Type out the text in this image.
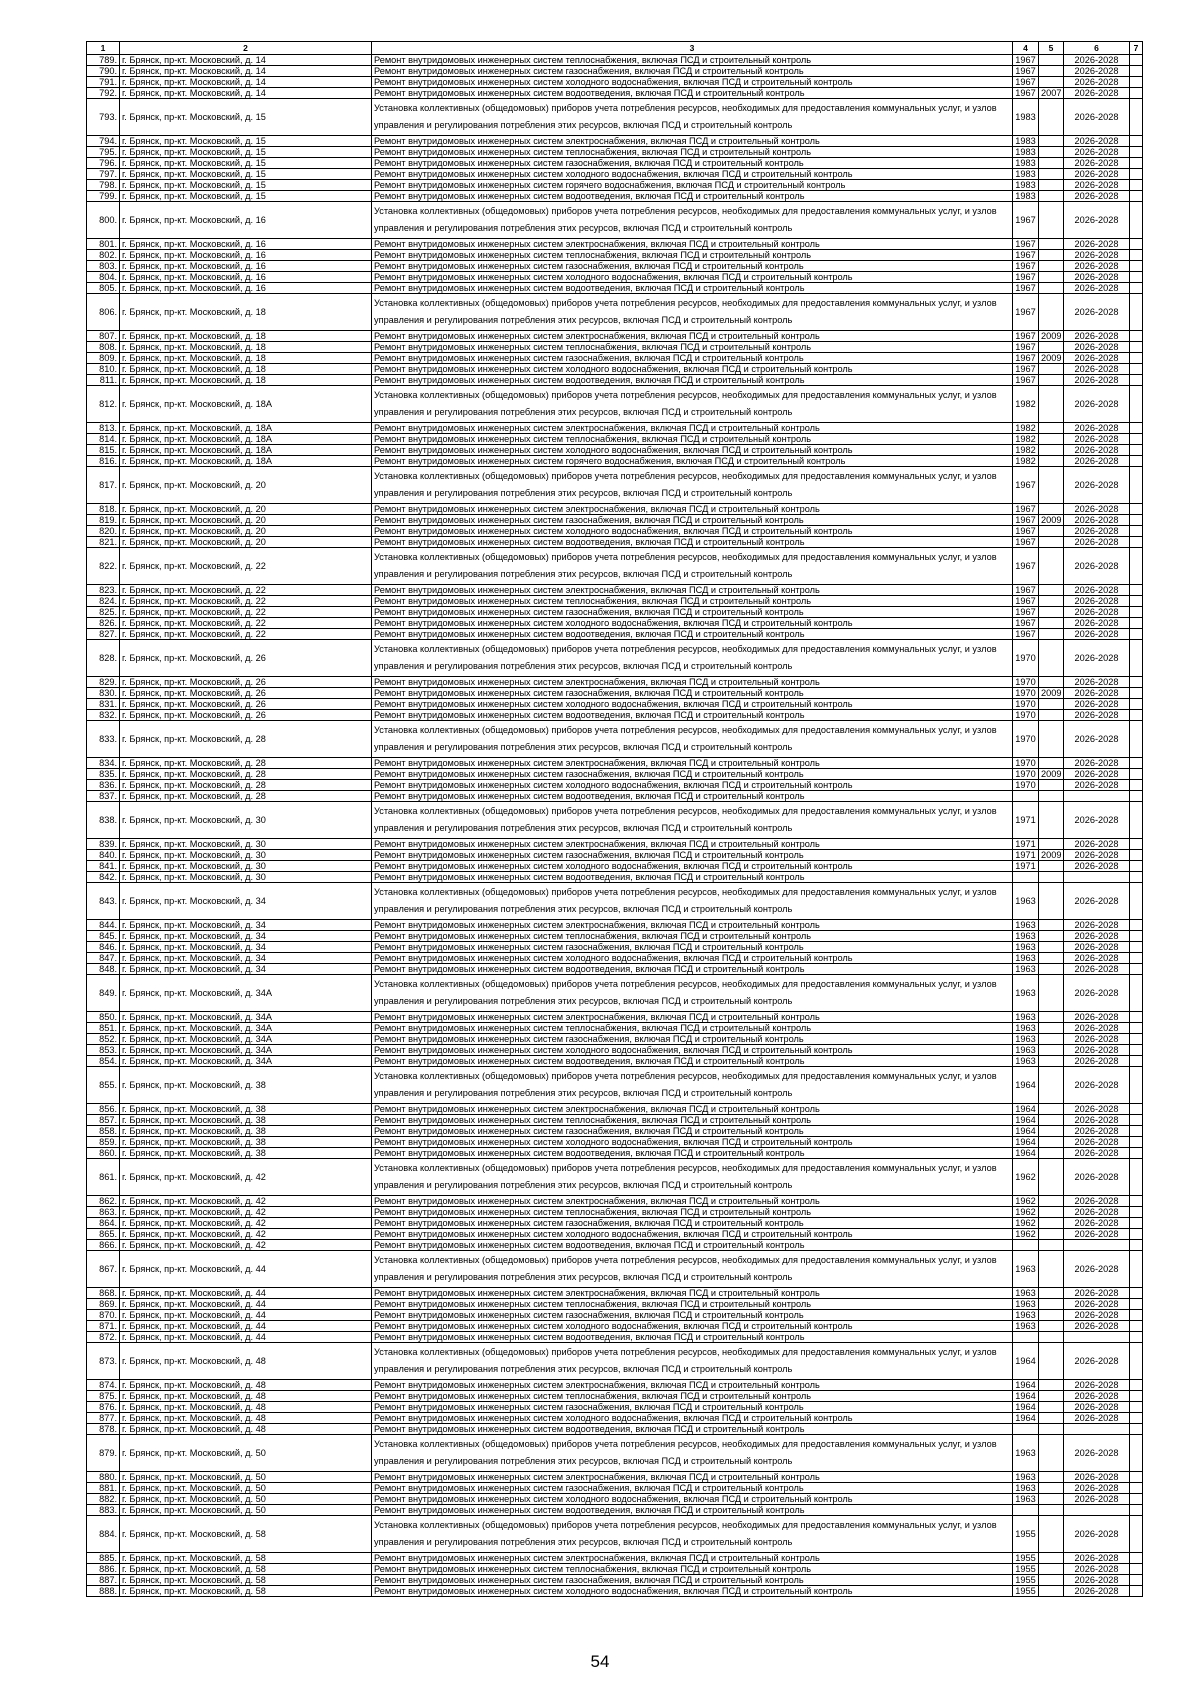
1	2	3	4	5	6	7
789.	г. Брянск, пр-кт. Московский, д. 14	Ремонт внутридомовых инженерных систем теплоснабжения, включая ПСД и строительный контроль	1967		2026-2028	
790.	г. Брянск, пр-кт. Московский, д. 14	Ремонт внутридомовых инженерных систем газоснабжения, включая ПСД и строительный контроль	1967		2026-2028	
791.	г. Брянск, пр-кт. Московский, д. 14	Ремонт внутридомовых инженерных систем холодного водоснабжения, включая ПСД и строительный контроль	1967		2026-2028	
792.	г. Брянск, пр-кт. Московский, д. 14	Ремонт внутридомовых инженерных систем водоотведения, включая ПСД и строительный контроль	1967	2007	2026-2028	
793.	г. Брянск, пр-кт. Московский, д. 15	Установка коллективных (общедомовых) приборов учета потребления ресурсов, необходимых для предоставления коммунальных услуг, и узлов управления и регулирования потребления этих ресурсов, включая ПСД и строительный контроль	1983		2026-2028	
794.	г. Брянск, пр-кт. Московский, д. 15	Ремонт внутридомовых инженерных систем электроснабжения, включая ПСД и строительный контроль	1983		2026-2028	
795.	г. Брянск, пр-кт. Московский, д. 15	Ремонт внутридомовых инженерных систем теплоснабжения, включая ПСД и строительный контроль	1983		2026-2028	
796.	г. Брянск, пр-кт. Московский, д. 15	Ремонт внутридомовых инженерных систем газоснабжения, включая ПСД и строительный контроль	1983		2026-2028	
797.	г. Брянск, пр-кт. Московский, д. 15	Ремонт внутридомовых инженерных систем холодного водоснабжения, включая ПСД и строительный контроль	1983		2026-2028	
798.	г. Брянск, пр-кт. Московский, д. 15	Ремонт внутридомовых инженерных систем горячего водоснабжения, включая ПСД и строительный контроль	1983		2026-2028	
799.	г. Брянск, пр-кт. Московский, д. 15	Ремонт внутридомовых инженерных систем водоотведения, включая ПСД и строительный контроль	1983		2026-2028	
800.	г. Брянск, пр-кт. Московский, д. 16	Установка коллективных (общедомовых) приборов учета потребления ресурсов, необходимых для предоставления коммунальных услуг, и узлов управления и регулирования потребления этих ресурсов, включая ПСД и строительный контроль	1967		2026-2028	
801.	г. Брянск, пр-кт. Московский, д. 16	Ремонт внутридомовых инженерных систем электроснабжения, включая ПСД и строительный контроль	1967		2026-2028	
802.	г. Брянск, пр-кт. Московский, д. 16	Ремонт внутридомовых инженерных систем теплоснабжения, включая ПСД и строительный контроль	1967		2026-2028	
803.	г. Брянск, пр-кт. Московский, д. 16	Ремонт внутридомовых инженерных систем газоснабжения, включая ПСД и строительный контроль	1967		2026-2028	
804.	г. Брянск, пр-кт. Московский, д. 16	Ремонт внутридомовых инженерных систем холодного водоснабжения, включая ПСД и строительный контроль	1967		2026-2028	
805.	г. Брянск, пр-кт. Московский, д. 16	Ремонт внутридомовых инженерных систем водоотведения, включая ПСД и строительный контроль	1967		2026-2028	
806.	г. Брянск, пр-кт. Московский, д. 18	Установка коллективных (общедомовых) приборов учета потребления ресурсов, необходимых для предоставления коммунальных услуг, и узлов управления и регулирования потребления этих ресурсов, включая ПСД и строительный контроль	1967		2026-2028	
807.	г. Брянск, пр-кт. Московский, д. 18	Ремонт внутридомовых инженерных систем электроснабжения, включая ПСД и строительный контроль	1967	2009	2026-2028	
808.	г. Брянск, пр-кт. Московский, д. 18	Ремонт внутридомовых инженерных систем теплоснабжения, включая ПСД и строительный контроль	1967		2026-2028	
809.	г. Брянск, пр-кт. Московский, д. 18	Ремонт внутридомовых инженерных систем газоснабжения, включая ПСД и строительный контроль	1967	2009	2026-2028	
810.	г. Брянск, пр-кт. Московский, д. 18	Ремонт внутридомовых инженерных систем холодного водоснабжения, включая ПСД и строительный контроль	1967		2026-2028	
811.	г. Брянск, пр-кт. Московский, д. 18	Ремонт внутридомовых инженерных систем водоотведения, включая ПСД и строительный контроль	1967		2026-2028	
812.	г. Брянск, пр-кт. Московский, д. 18А	Установка коллективных (общедомовых) приборов учета потребления ресурсов, необходимых для предоставления коммунальных услуг, и узлов управления и регулирования потребления этих ресурсов, включая ПСД и строительный контроль	1982		2026-2028	
813.	г. Брянск, пр-кт. Московский, д. 18А	Ремонт внутридомовых инженерных систем электроснабжения, включая ПСД и строительный контроль	1982		2026-2028	
814.	г. Брянск, пр-кт. Московский, д. 18А	Ремонт внутридомовых инженерных систем теплоснабжения, включая ПСД и строительный контроль	1982		2026-2028	
815.	г. Брянск, пр-кт. Московский, д. 18А	Ремонт внутридомовых инженерных систем холодного водоснабжения, включая ПСД и строительный контроль	1982		2026-2028	
816.	г. Брянск, пр-кт. Московский, д. 18А	Ремонт внутридомовых инженерных систем горячего водоснабжения, включая ПСД и строительный контроль	1982		2026-2028	
817.	г. Брянск, пр-кт. Московский, д. 20	Установка коллективных (общедомовых) приборов учета потребления ресурсов, необходимых для предоставления коммунальных услуг, и узлов управления и регулирования потребления этих ресурсов, включая ПСД и строительный контроль	1967		2026-2028	
818.	г. Брянск, пр-кт. Московский, д. 20	Ремонт внутридомовых инженерных систем электроснабжения, включая ПСД и строительный контроль	1967		2026-2028	
819.	г. Брянск, пр-кт. Московский, д. 20	Ремонт внутридомовых инженерных систем газоснабжения, включая ПСД и строительный контроль	1967	2009	2026-2028	
820.	г. Брянск, пр-кт. Московский, д. 20	Ремонт внутридомовых инженерных систем холодного водоснабжения, включая ПСД и строительный контроль	1967		2026-2028	
821.	г. Брянск, пр-кт. Московский, д. 20	Ремонт внутридомовых инженерных систем водоотведения, включая ПСД и строительный контроль	1967		2026-2028	
822.	г. Брянск, пр-кт. Московский, д. 22	Установка коллективных (общедомовых) приборов учета потребления ресурсов, необходимых для предоставления коммунальных услуг, и узлов управления и регулирования потребления этих ресурсов, включая ПСД и строительный контроль	1967		2026-2028	
823.	г. Брянск, пр-кт. Московский, д. 22	Ремонт внутридомовых инженерных систем электроснабжения, включая ПСД и строительный контроль	1967		2026-2028	
824.	г. Брянск, пр-кт. Московский, д. 22	Ремонт внутридомовых инженерных систем теплоснабжения, включая ПСД и строительный контроль	1967		2026-2028	
825.	г. Брянск, пр-кт. Московский, д. 22	Ремонт внутридомовых инженерных систем газоснабжения, включая ПСД и строительный контроль	1967		2026-2028	
826.	г. Брянск, пр-кт. Московский, д. 22	Ремонт внутридомовых инженерных систем холодного водоснабжения, включая ПСД и строительный контроль	1967		2026-2028	
827.	г. Брянск, пр-кт. Московский, д. 22	Ремонт внутридомовых инженерных систем водоотведения, включая ПСД и строительный контроль	1967		2026-2028	
828.	г. Брянск, пр-кт. Московский, д. 26	Установка коллективных (общедомовых) приборов учета потребления ресурсов, необходимых для предоставления коммунальных услуг, и узлов управления и регулирования потребления этих ресурсов, включая ПСД и строительный контроль	1970		2026-2028	
829.	г. Брянск, пр-кт. Московский, д. 26	Ремонт внутридомовых инженерных систем электроснабжения, включая ПСД и строительный контроль	1970		2026-2028	
830.	г. Брянск, пр-кт. Московский, д. 26	Ремонт внутридомовых инженерных систем газоснабжения, включая ПСД и строительный контроль	1970	2009	2026-2028	
831.	г. Брянск, пр-кт. Московский, д. 26	Ремонт внутридомовых инженерных систем холодного водоснабжения, включая ПСД и строительный контроль	1970		2026-2028	
832.	г. Брянск, пр-кт. Московский, д. 26	Ремонт внутридомовых инженерных систем водоотведения, включая ПСД и строительный контроль	1970		2026-2028	
833.	г. Брянск, пр-кт. Московский, д. 28	Установка коллективных (общедомовых) приборов учета потребления ресурсов, необходимых для предоставления коммунальных услуг, и узлов управления и регулирования потребления этих ресурсов, включая ПСД и строительный контроль	1970		2026-2028	
834.	г. Брянск, пр-кт. Московский, д. 28	Ремонт внутридомовых инженерных систем электроснабжения, включая ПСД и строительный контроль	1970		2026-2028	
835.	г. Брянск, пр-кт. Московский, д. 28	Ремонт внутридомовых инженерных систем газоснабжения, включая ПСД и строительный контроль	1970	2009	2026-2028	
836.	г. Брянск, пр-кт. Московский, д. 28	Ремонт внутридомовых инженерных систем холодного водоснабжения, включая ПСД и строительный контроль	1970		2026-2028	
837.	г. Брянск, пр-кт. Московский, д. 28	Ремонт внутридомовых инженерных систем водоотведения, включая ПСД и строительный контроль				
838.	г. Брянск, пр-кт. Московский, д. 30	Установка коллективных (общедомовых) приборов учета потребления ресурсов, необходимых для предоставления коммунальных услуг, и узлов управления и регулирования потребления этих ресурсов, включая ПСД и строительный контроль	1971		2026-2028	
839.	г. Брянск, пр-кт. Московский, д. 30	Ремонт внутридомовых инженерных систем электроснабжения, включая ПСД и строительный контроль	1971		2026-2028	
840.	г. Брянск, пр-кт. Московский, д. 30	Ремонт внутридомовых инженерных систем газоснабжения, включая ПСД и строительный контроль	1971	2009	2026-2028	
841.	г. Брянск, пр-кт. Московский, д. 30	Ремонт внутридомовых инженерных систем холодного водоснабжения, включая ПСД и строительный контроль	1971		2026-2028	
842.	г. Брянск, пр-кт. Московский, д. 30	Ремонт внутридомовых инженерных систем водоотведения, включая ПСД и строительный контроль				
843.	г. Брянск, пр-кт. Московский, д. 34	Установка коллективных (общедомовых) приборов учета потребления ресурсов, необходимых для предоставления коммунальных услуг, и узлов управления и регулирования потребления этих ресурсов, включая ПСД и строительный контроль	1963		2026-2028	
844.	г. Брянск, пр-кт. Московский, д. 34	Ремонт внутридомовых инженерных систем электроснабжения, включая ПСД и строительный контроль	1963		2026-2028	
845.	г. Брянск, пр-кт. Московский, д. 34	Ремонт внутридомовых инженерных систем теплоснабжения, включая ПСД и строительный контроль	1963		2026-2028	
846.	г. Брянск, пр-кт. Московский, д. 34	Ремонт внутридомовых инженерных систем газоснабжения, включая ПСД и строительный контроль	1963		2026-2028	
847.	г. Брянск, пр-кт. Московский, д. 34	Ремонт внутридомовых инженерных систем холодного водоснабжения, включая ПСД и строительный контроль	1963		2026-2028	
848.	г. Брянск, пр-кт. Московский, д. 34	Ремонт внутридомовых инженерных систем водоотведения, включая ПСД и строительный контроль	1963		2026-2028	
849.	г. Брянск, пр-кт. Московский, д. 34А	Установка коллективных (общедомовых) приборов учета потребления ресурсов, необходимых для предоставления коммунальных услуг, и узлов управления и регулирования потребления этих ресурсов, включая ПСД и строительный контроль	1963		2026-2028	
850.	г. Брянск, пр-кт. Московский, д. 34А	Ремонт внутридомовых инженерных систем электроснабжения, включая ПСД и строительный контроль	1963		2026-2028	
851.	г. Брянск, пр-кт. Московский, д. 34А	Ремонт внутридомовых инженерных систем теплоснабжения, включая ПСД и строительный контроль	1963		2026-2028	
852.	г. Брянск, пр-кт. Московский, д. 34А	Ремонт внутридомовых инженерных систем газоснабжения, включая ПСД и строительный контроль	1963		2026-2028	
853.	г. Брянск, пр-кт. Московский, д. 34А	Ремонт внутридомовых инженерных систем холодного водоснабжения, включая ПСД и строительный контроль	1963		2026-2028	
854.	г. Брянск, пр-кт. Московский, д. 34А	Ремонт внутридомовых инженерных систем водоотведения, включая ПСД и строительный контроль	1963		2026-2028	
855.	г. Брянск, пр-кт. Московский, д. 38	Установка коллективных (общедомовых) приборов учета потребления ресурсов, необходимых для предоставления коммунальных услуг, и узлов управления и регулирования потребления этих ресурсов, включая ПСД и строительный контроль	1964		2026-2028	
856.	г. Брянск, пр-кт. Московский, д. 38	Ремонт внутридомовых инженерных систем электроснабжения, включая ПСД и строительный контроль	1964		2026-2028	
857.	г. Брянск, пр-кт. Московский, д. 38	Ремонт внутридомовых инженерных систем теплоснабжения, включая ПСД и строительный контроль	1964		2026-2028	
858.	г. Брянск, пр-кт. Московский, д. 38	Ремонт внутридомовых инженерных систем газоснабжения, включая ПСД и строительный контроль	1964		2026-2028	
859.	г. Брянск, пр-кт. Московский, д. 38	Ремонт внутридомовых инженерных систем холодного водоснабжения, включая ПСД и строительный контроль	1964		2026-2028	
860.	г. Брянск, пр-кт. Московский, д. 38	Ремонт внутридомовых инженерных систем водоотведения, включая ПСД и строительный контроль	1964		2026-2028	
861.	г. Брянск, пр-кт. Московский, д. 42	Установка коллективных (общедомовых) приборов учета потребления ресурсов, необходимых для предоставления коммунальных услуг, и узлов управления и регулирования потребления этих ресурсов, включая ПСД и строительный контроль	1962		2026-2028	
862.	г. Брянск, пр-кт. Московский, д. 42	Ремонт внутридомовых инженерных систем электроснабжения, включая ПСД и строительный контроль	1962		2026-2028	
863.	г. Брянск, пр-кт. Московский, д. 42	Ремонт внутридомовых инженерных систем теплоснабжения, включая ПСД и строительный контроль	1962		2026-2028	
864.	г. Брянск, пр-кт. Московский, д. 42	Ремонт внутридомовых инженерных систем газоснабжения, включая ПСД и строительный контроль	1962		2026-2028	
865.	г. Брянск, пр-кт. Московский, д. 42	Ремонт внутридомовых инженерных систем холодного водоснабжения, включая ПСД и строительный контроль	1962		2026-2028	
866.	г. Брянск, пр-кт. Московский, д. 42	Ремонт внутридомовых инженерных систем водоотведения, включая ПСД и строительный контроль				
867.	г. Брянск, пр-кт. Московский, д. 44	Установка коллективных (общедомовых) приборов учета потребления ресурсов, необходимых для предоставления коммунальных услуг, и узлов управления и регулирования потребления этих ресурсов, включая ПСД и строительный контроль	1963		2026-2028	
868.	г. Брянск, пр-кт. Московский, д. 44	Ремонт внутридомовых инженерных систем электроснабжения, включая ПСД и строительный контроль	1963		2026-2028	
869.	г. Брянск, пр-кт. Московский, д. 44	Ремонт внутридомовых инженерных систем теплоснабжения, включая ПСД и строительный контроль	1963		2026-2028	
870.	г. Брянск, пр-кт. Московский, д. 44	Ремонт внутридомовых инженерных систем газоснабжения, включая ПСД и строительный контроль	1963		2026-2028	
871.	г. Брянск, пр-кт. Московский, д. 44	Ремонт внутридомовых инженерных систем холодного водоснабжения, включая ПСД и строительный контроль	1963		2026-2028	
872.	г. Брянск, пр-кт. Московский, д. 44	Ремонт внутридомовых инженерных систем водоотведения, включая ПСД и строительный контроль				
873.	г. Брянск, пр-кт. Московский, д. 48	Установка коллективных (общедомовых) приборов учета потребления ресурсов, необходимых для предоставления коммунальных услуг, и узлов управления и регулирования потребления этих ресурсов, включая ПСД и строительный контроль	1964		2026-2028	
874.	г. Брянск, пр-кт. Московский, д. 48	Ремонт внутридомовых инженерных систем электроснабжения, включая ПСД и строительный контроль	1964		2026-2028	
875.	г. Брянск, пр-кт. Московский, д. 48	Ремонт внутридомовых инженерных систем теплоснабжения, включая ПСД и строительный контроль	1964		2026-2028	
876.	г. Брянск, пр-кт. Московский, д. 48	Ремонт внутридомовых инженерных систем газоснабжения, включая ПСД и строительный контроль	1964		2026-2028	
877.	г. Брянск, пр-кт. Московский, д. 48	Ремонт внутридомовых инженерных систем холодного водоснабжения, включая ПСД и строительный контроль	1964		2026-2028	
878.	г. Брянск, пр-кт. Московский, д. 48	Ремонт внутридомовых инженерных систем водоотведения, включая ПСД и строительный контроль				
879.	г. Брянск, пр-кт. Московский, д. 50	Установка коллективных (общедомовых) приборов учета потребления ресурсов, необходимых для предоставления коммунальных услуг, и узлов управления и регулирования потребления этих ресурсов, включая ПСД и строительный контроль	1963		2026-2028	
880.	г. Брянск, пр-кт. Московский, д. 50	Ремонт внутридомовых инженерных систем электроснабжения, включая ПСД и строительный контроль	1963		2026-2028	
881.	г. Брянск, пр-кт. Московский, д. 50	Ремонт внутридомовых инженерных систем газоснабжения, включая ПСД и строительный контроль	1963		2026-2028	
882.	г. Брянск, пр-кт. Московский, д. 50	Ремонт внутридомовых инженерных систем холодного водоснабжения, включая ПСД и строительный контроль	1963		2026-2028	
883.	г. Брянск, пр-кт. Московский, д. 50	Ремонт внутридомовых инженерных систем водоотведения, включая ПСД и строительный контроль				
884.	г. Брянск, пр-кт. Московский, д. 58	Установка коллективных (общедомовых) приборов учета потребления ресурсов, необходимых для предоставления коммунальных услуг, и узлов управления и регулирования потребления этих ресурсов, включая ПСД и строительный контроль	1955		2026-2028	
885.	г. Брянск, пр-кт. Московский, д. 58	Ремонт внутридомовых инженерных систем электроснабжения, включая ПСД и строительный контроль	1955		2026-2028	
886.	г. Брянск, пр-кт. Московский, д. 58	Ремонт внутридомовых инженерных систем теплоснабжения, включая ПСД и строительный контроль	1955		2026-2028	
887.	г. Брянск, пр-кт. Московский, д. 58	Ремонт внутридомовых инженерных систем газоснабжения, включая ПСД и строительный контроль	1955		2026-2028	
888.	г. Брянск, пр-кт. Московский, д. 58	Ремонт внутридомовых инженерных систем холодного водоснабжения, включая ПСД и строительный контроль	1955		2026-2028	
54
